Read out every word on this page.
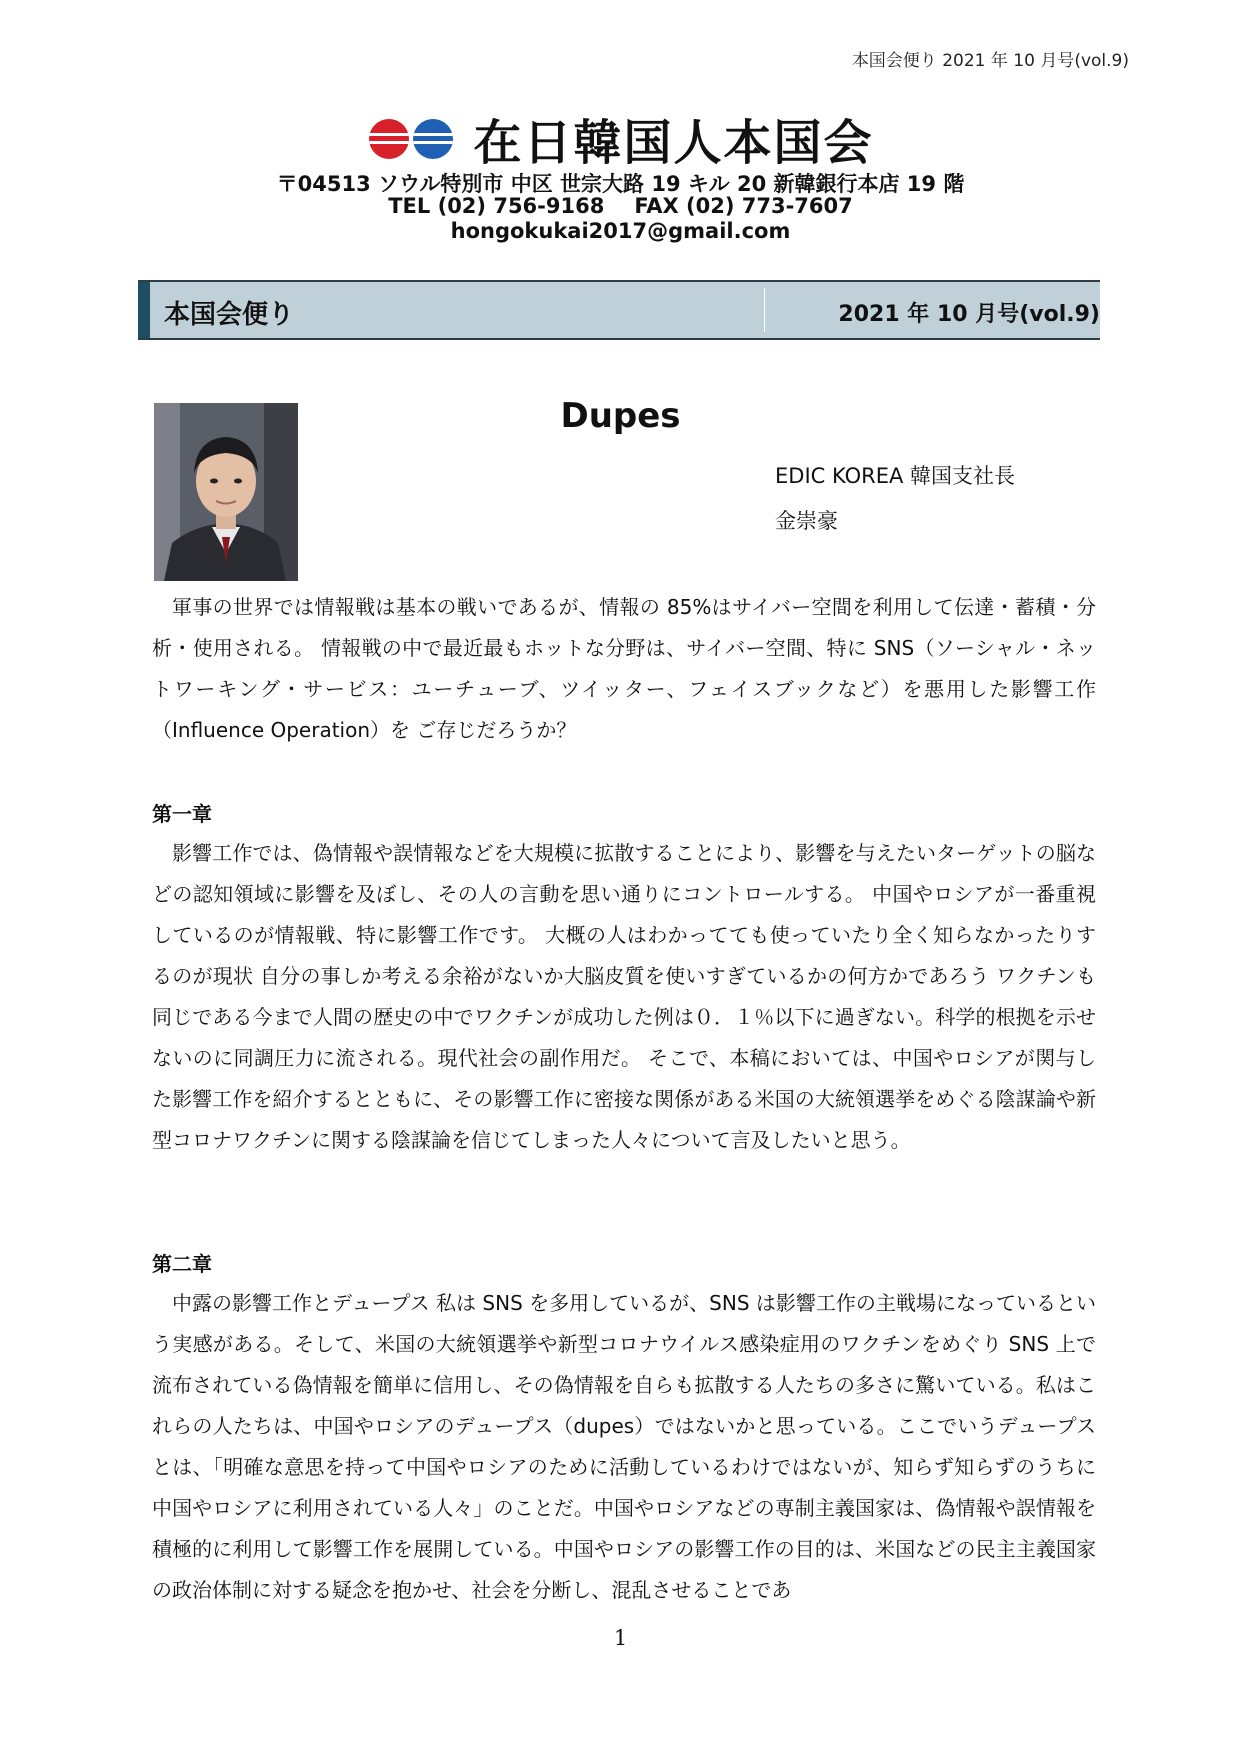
本国会便り 2021 年 10 月号(vol.9)
在日韓国人本国会
〒04513 ソウル特別市 中区 世宗大路 19 キル 20 新韓銀行本店 19 階
TEL (02) 756-9168 FAX (02) 773-7607
hongokukai2017@gmail.com
本国会便り	2021 年 10 月号(vol.9)
Dupes
EDIC KOREA 韓国支社長
金崇豪

軍事の世界では情報戦は基本の戦いであるが、情報の 85%はサイバー空間を利用して伝達・蓄積・分析・使用される。 情報戦の中で最近最もホットな分野は、サイバー空間、特に SNS（ソーシャル・ネットワーキング・サービス：ユーチューブ、ツイッター、フェイスブックなど）を悪用した影響工作（Influence Operation）を ご存じだろうか？

第一章

影響工作では、偽情報や誤情報などを大規模に拡散することにより、影響を与えたいターゲットの脳などの認知領域に影響を及ぼし、その人の言動を思い通りにコントロールする。 中国やロシアが一番重視しているのが情報戦、特に影響工作です。 大概の人はわかってても使っていたり全く知らなかったりするのが現状 自分の事しか考える余裕がないか大脳皮質を使いすぎているかの何方かであろう ワクチンも同じである今まで人間の歴史の中でワクチンが成功した例は０．１％以下に過ぎない。科学的根拠を示せないのに同調圧力に流される。現代社会の副作用だ。 そこで、本稿においては、中国やロシアが関与した影響工作を紹介するとともに、その影響工作に密接な関係がある米国の大統領選挙をめぐる陰謀論や新型コロナワクチンに関する陰謀論を信じてしまった人々について言及したいと思う。

第二章

中露の影響工作とデュープス 私は SNS を多用しているが、SNS は影響工作の主戦場になっているという実感がある。そして、米国の大統領選挙や新型コロナウイルス感染症用のワクチンをめぐり SNS 上で流布されている偽情報を簡単に信用し、その偽情報を自らも拡散する人たちの多さに驚いている。私はこれらの人たちは、中国やロシアのデュープス（dupes）ではないかと思っている。ここでいうデュープスとは、「明確な意思を持って中国やロシアのために活動しているわけではないが、知らず知らずのうちに中国やロシアに利用されている人々」のことだ。中国やロシアなどの専制主義国家は、偽情報や誤情報を積極的に利用して影響工作を展開している。中国やロシアの影響工作の目的は、米国などの民主主義国家の政治体制に対する疑念を抱かせ、社会を分断し、混乱させることであ

1
